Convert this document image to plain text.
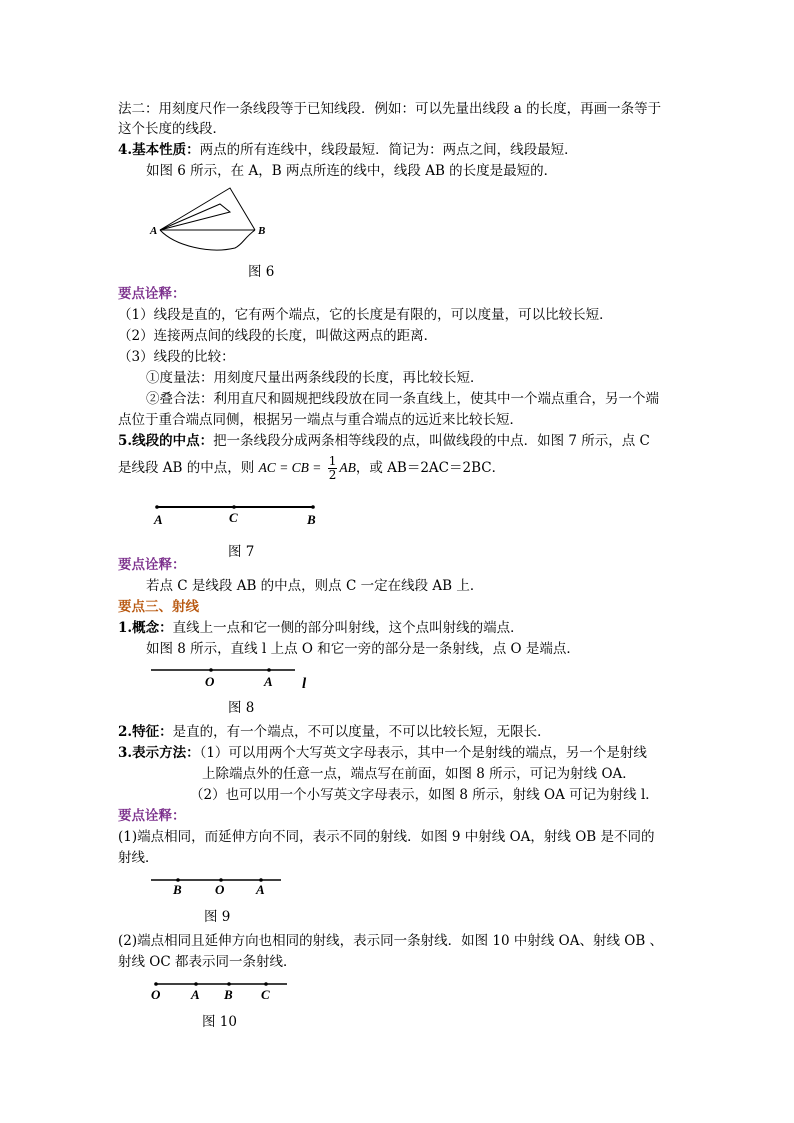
法二：用刻度尺作一条线段等于已知线段．例如：可以先量出线段 a 的长度，再画一条等于
这个长度的线段．
4.基本性质：两点的所有连线中，线段最短．简记为：两点之间，线段最短．
如图 6 所示，在 A，B 两点所连的线中，线段 AB 的长度是最短的．
A	B
图 6
要点诠释：
（1）线段是直的，它有两个端点，它的长度是有限的，可以度量，可以比较长短．
（2）连接两点间的线段的长度，叫做这两点的距离．
（3）线段的比较：
①度量法：用刻度尺量出两条线段的长度，再比较长短．
②叠合法：利用直尺和圆规把线段放在同一条直线上，使其中一个端点重合，另一个端
点位于重合端点同侧，根据另一端点与重合端点的远近来比较长短．
5.线段的中点：把一条线段分成两条相等线段的点，叫做线段的中点．如图 7 所示，点 C
是线段 AB 的中点，则 AC = CB = $\frac{1}{2}$ AB，或 AB＝2AC＝2BC．
A	C	B
图 7
要点诠释：
若点 C 是线段 AB 的中点，则点 C 一定在线段 AB 上．
要点三、射线
1.概念：直线上一点和它一侧的部分叫射线，这个点叫射线的端点．
如图 8 所示，直线 l 上点 O 和它一旁的部分是一条射线，点 O 是端点．
O	A l
图 8
2.特征：是直的，有一个端点，不可以度量，不可以比较长短，无限长．
3.表示方法：（1）可以用两个大写英文字母表示，其中一个是射线的端点，另一个是射线
上除端点外的任意一点，端点写在前面，如图 8 所示，可记为射线 OA．
（2）也可以用一个小写英文字母表示，如图 8 所示，射线 OA 可记为射线 l．
要点诠释：
(1)端点相同，而延伸方向不同，表示不同的射线．如图 9 中射线 OA，射线 OB 是不同的
射线．
B	O A
图 9
(2)端点相同且延伸方向也相同的射线，表示同一条射线．如图 10 中射线 OA、射线 OB 、
射线 OC 都表示同一条射线．
O A B C
图 10
